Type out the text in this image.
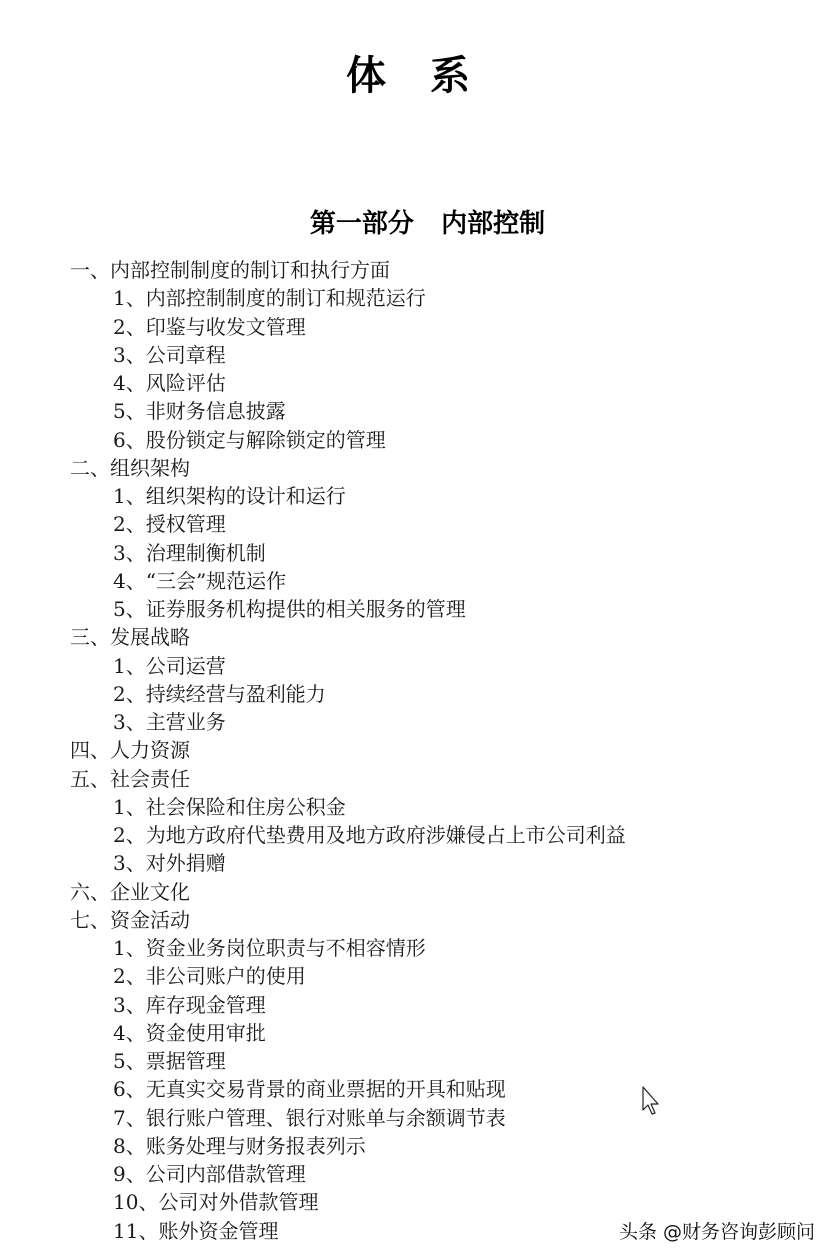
体系
第一部分   内部控制
一、内部控制制度的制订和执行方面
1、内部控制制度的制订和规范运行
2、印鉴与收发文管理
3、公司章程
4、风险评估
5、非财务信息披露
6、股份锁定与解除锁定的管理
二、组织架构
1、组织架构的设计和运行
2、授权管理
3、治理制衡机制
4、“三会”规范运作
5、证券服务机构提供的相关服务的管理
三、发展战略
1、公司运营
2、持续经营与盈利能力
3、主营业务
四、人力资源
五、社会责任
1、社会保险和住房公积金
2、为地方政府代垫费用及地方政府涉嫌侵占上市公司利益
3、对外捐赠
六、企业文化
七、资金活动
1、资金业务岗位职责与不相容情形
2、非公司账户的使用
3、库存现金管理
4、资金使用审批
5、票据管理
6、无真实交易背景的商业票据的开具和贴现
7、银行账户管理、银行对账单与余额调节表
8、账务处理与财务报表列示
9、公司内部借款管理
10、公司对外借款管理
11、账外资金管理	头条 @财务咨询彭顾问
